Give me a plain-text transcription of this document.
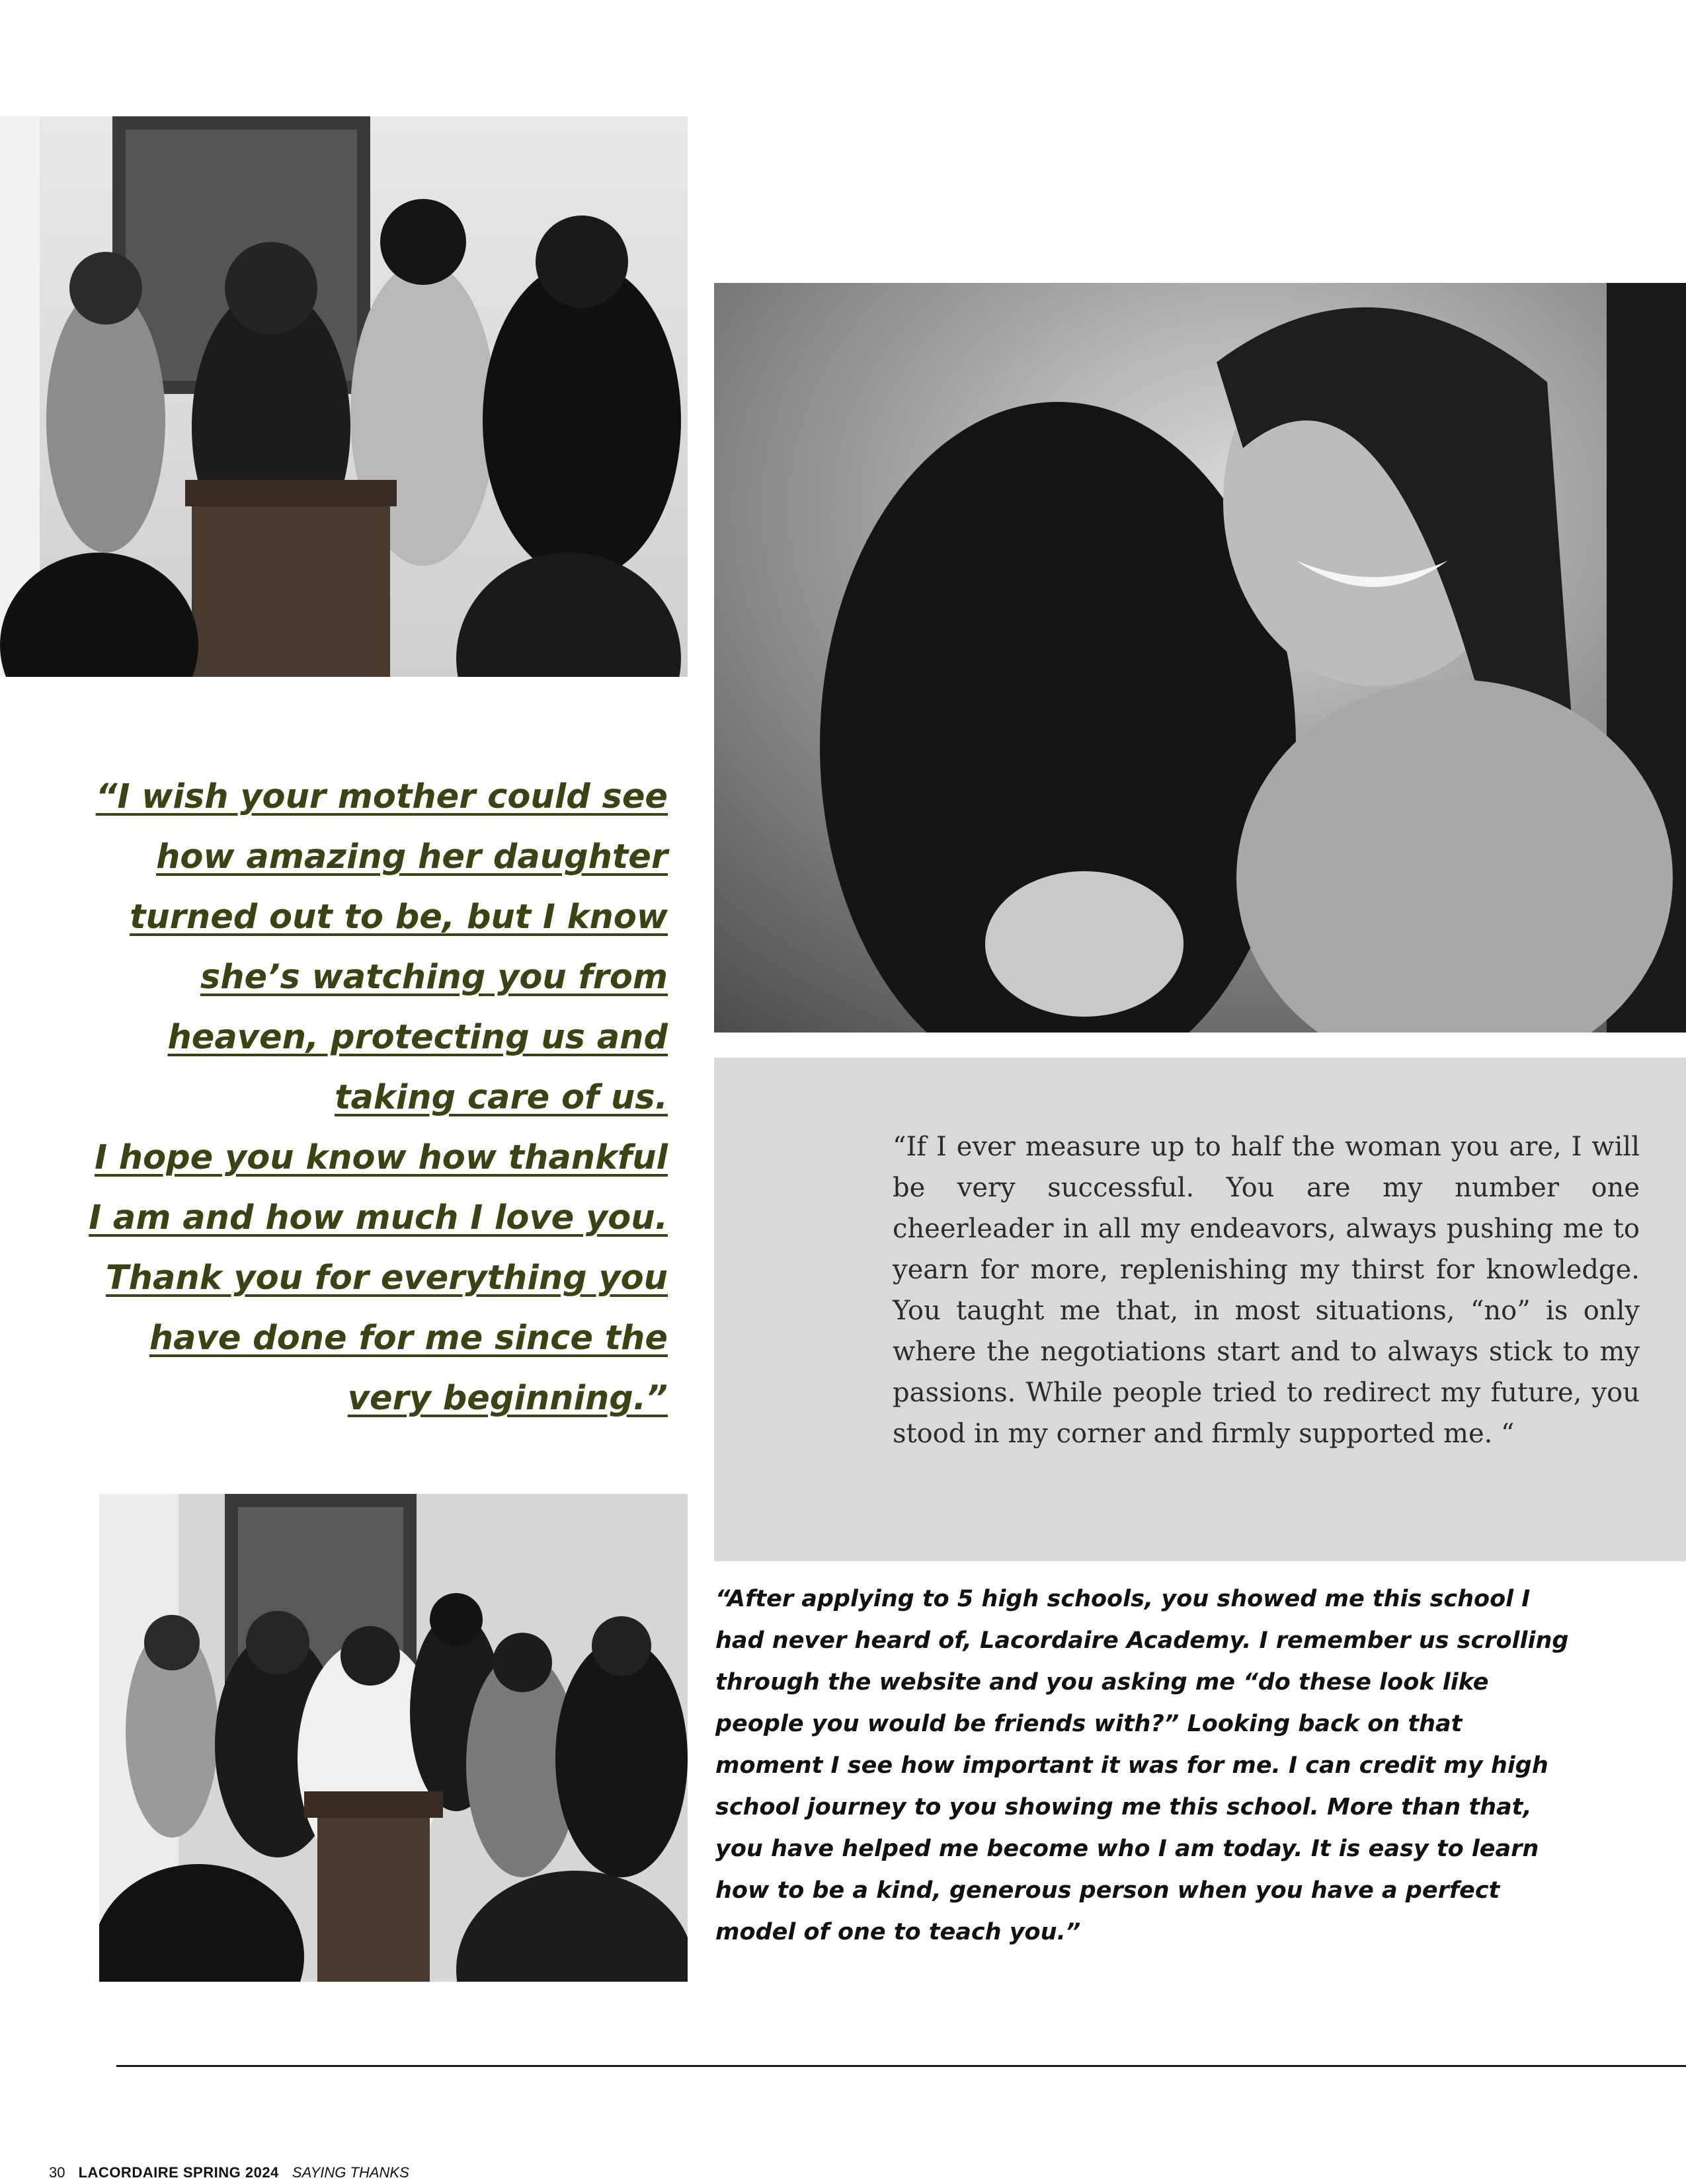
“I wish your mother could see
how amazing her daughter
turned out to be, but I know
she’s watching you from
heaven, protecting us and
taking care of us.
I hope you know how thankful
I am and how much I love you.
Thank you for everything you
have done for me since the
very beginning.”
“If I ever measure up to half the woman you are, I will be very successful. You are my number one cheerleader in all my endeavors, always pushing me to yearn for more, replenishing my thirst for knowledge. You taught me that, in most situations, “no” is only where the negotiations start and to always stick to my passions. While people tried to redirect my future, you stood in my corner and firmly supported me. “
“After applying to 5 high schools, you showed me this school I had never heard of, Lacordaire Academy. I remember us scrolling through the website and you asking me “do these look like people you would be friends with?” Looking back on that moment I see how important it was for me. I can credit my high school journey to you showing me this school. More than that, you have helped me become who I am today. It is easy to learn how to be a kind, generous person when you have a perfect model of one to teach you.”
30 LACORDAIRE SPRING 2024 SAYING THANKS
